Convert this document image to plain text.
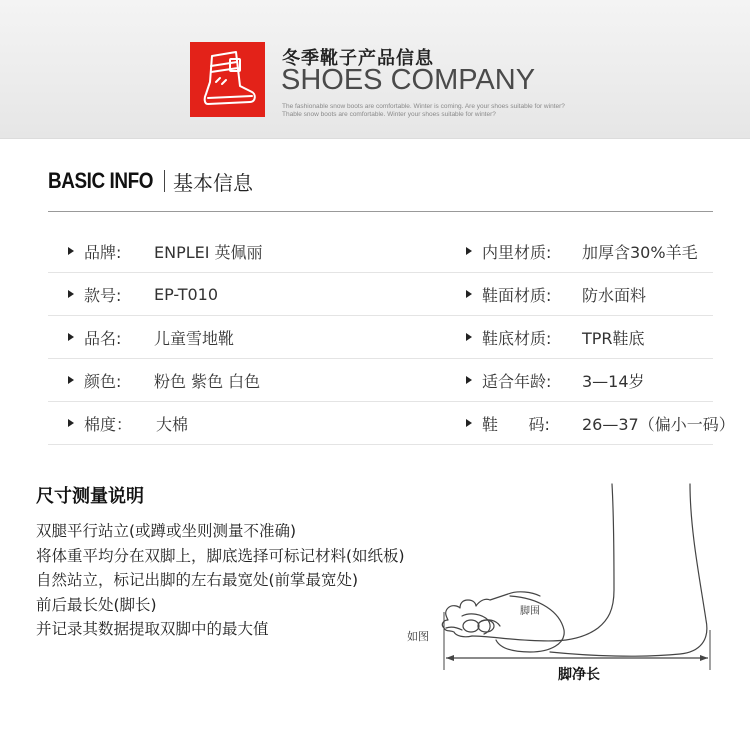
冬季靴子产品信息
SHOES COMPANY
The fashionable snow boots are comfortable. Winter is coming. Are your shoes suitable for winter?
Thable snow boots are comfortable. Winter your shoes suitable for winter?
BASIC INFO 基本信息
品牌: ENPLEI 英佩丽	内里材质: 加厚含30%羊毛
款号: EP-T010	鞋面材质: 防水面料
品名: 儿童雪地靴	鞋底材质: TPR鞋底
颜色: 粉色 紫色 白色	适合年龄: 3—14岁
棉度： 大棉	鞋      码: 26—37（偏小一码）
尺寸测量说明
双腿平行站立(或蹲或坐则测量不准确)
将体重平均分在双脚上，脚底选择可标记材料(如纸板)
自然站立，标记出脚的左右最宽处(前掌最宽处)
前后最长处(脚长)
并记录其数据提取双脚中的最大值	如图
脚围
脚净长
